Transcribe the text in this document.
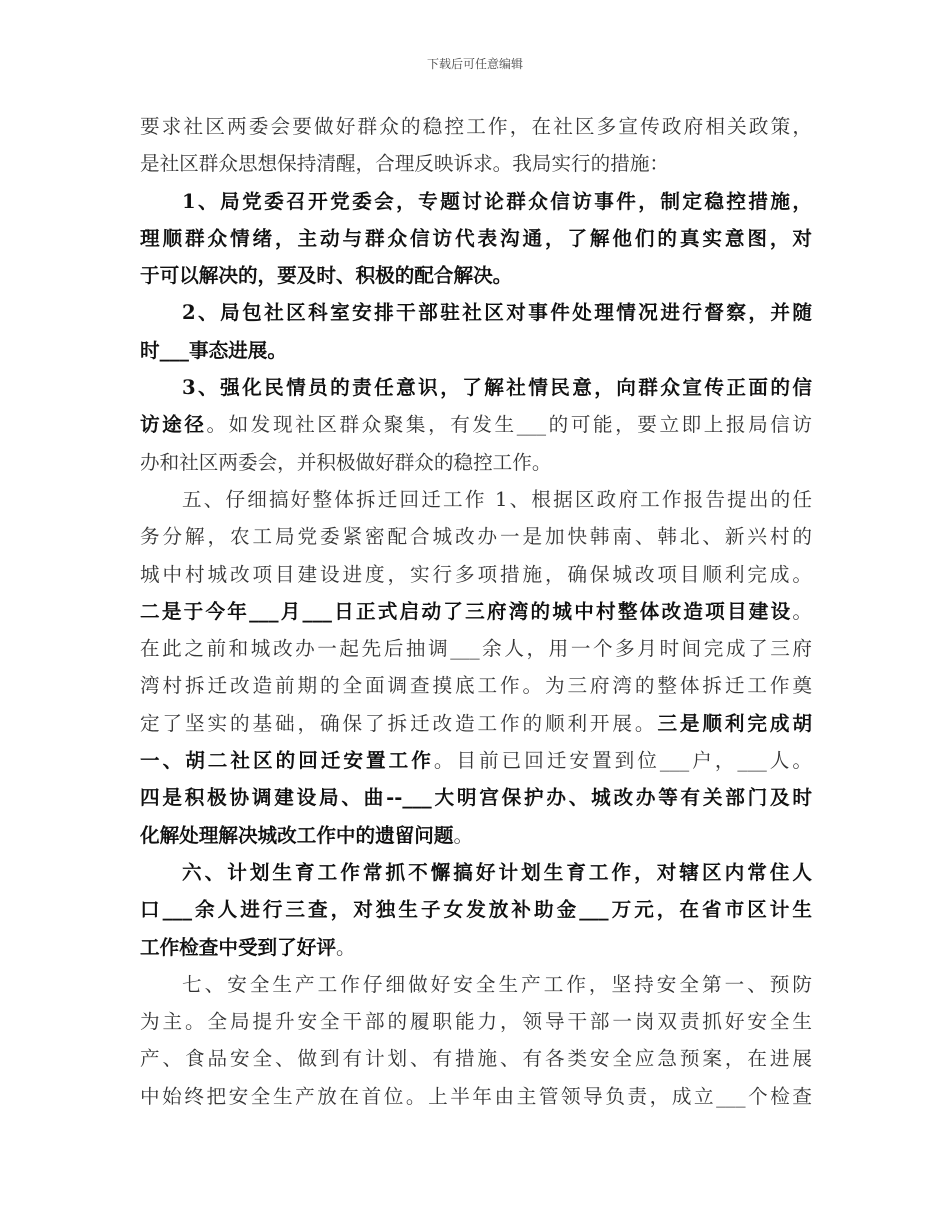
下载后可任意编辑
要求社区两委会要做好群众的稳控工作，在社区多宣传政府相关政策，
是社区群众思想保持清醒，合理反映诉求。我局实行的措施：
1、局党委召开党委会，专题讨论群众信访事件，制定稳控措施，
理顺群众情绪，主动与群众信访代表沟通，了解他们的真实意图，对
于可以解决的，要及时、积极的配合解决。
2、局包社区科室安排干部驻社区对事件处理情况进行督察，并随
时___事态进展。
3、强化民情员的责任意识，了解社情民意，向群众宣传正面的信
访途径。如发现社区群众聚集，有发生___的可能，要立即上报局信访
办和社区两委会，并积极做好群众的稳控工作。
五、仔细搞好整体拆迁回迁工作 1、根据区政府工作报告提出的任
务分解，农工局党委紧密配合城改办一是加快韩南、韩北、新兴村的
城中村城改项目建设进度，实行多项措施，确保城改项目顺利完成。
二是于今年___月___日正式启动了三府湾的城中村整体改造项目建设。
在此之前和城改办一起先后抽调___余人，用一个多月时间完成了三府
湾村拆迁改造前期的全面调查摸底工作。为三府湾的整体拆迁工作奠
定了坚实的基础，确保了拆迁改造工作的顺利开展。三是顺利完成胡
一、胡二社区的回迁安置工作。目前已回迁安置到位___户，___人。
四是积极协调建设局、曲--___大明宫保护办、城改办等有关部门及时
化解处理解决城改工作中的遗留问题。
六、计划生育工作常抓不懈搞好计划生育工作，对辖区内常住人
口___余人进行三查，对独生子女发放补助金___万元，在省市区计生
工作检查中受到了好评。
七、安全生产工作仔细做好安全生产工作，坚持安全第一、预防
为主。全局提升安全干部的履职能力，领导干部一岗双责抓好安全生
产、食品安全、做到有计划、有措施、有各类安全应急预案，在进展
中始终把安全生产放在首位。上半年由主管领导负责，成立___个检查
